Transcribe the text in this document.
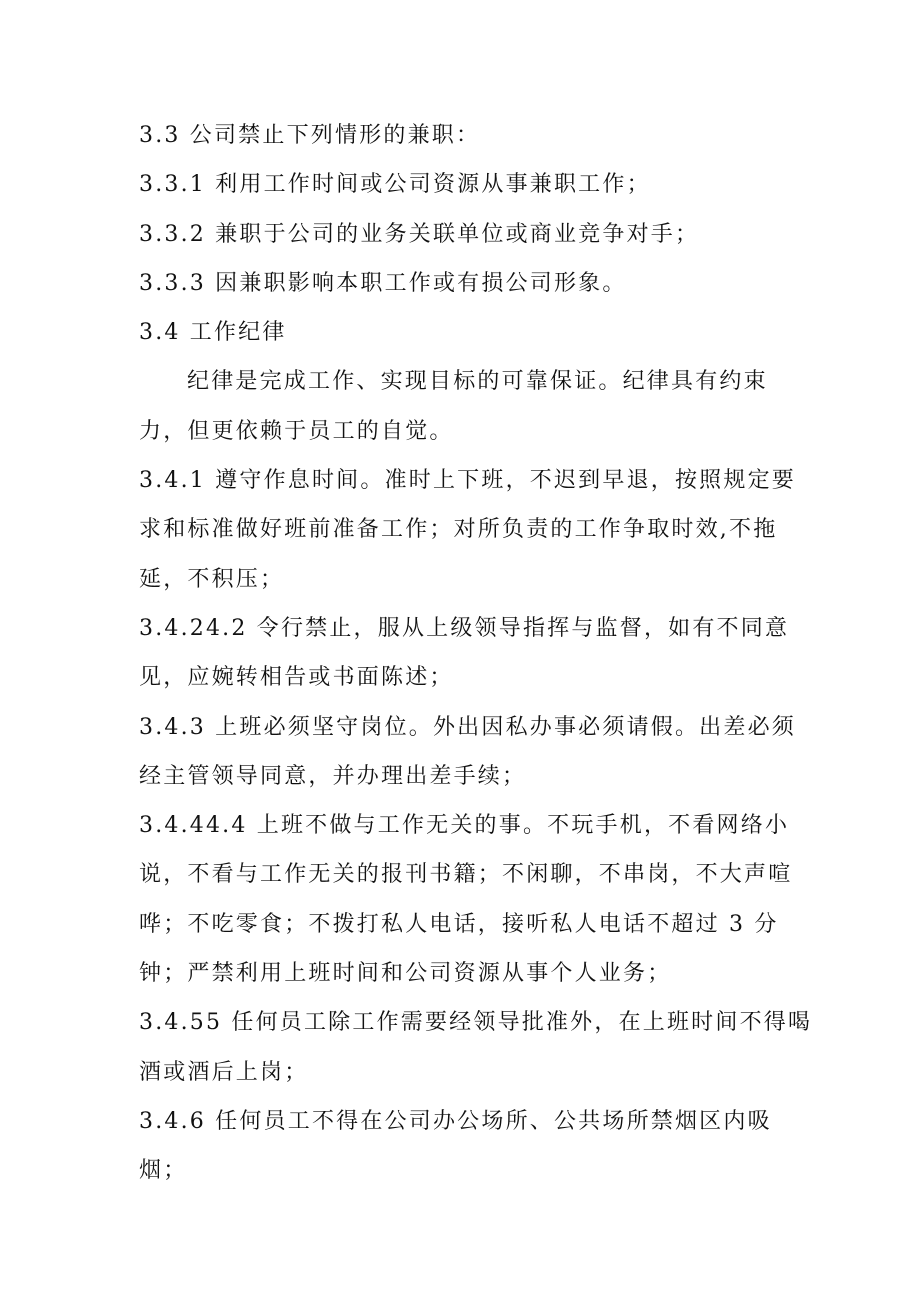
3.3 公司禁止下列情形的兼职：
3.3.1 利用工作时间或公司资源从事兼职工作；
3.3.2 兼职于公司的业务关联单位或商业竞争对手；
3.3.3 因兼职影响本职工作或有损公司形象。
3.4 工作纪律
纪律是完成工作、实现目标的可靠保证。纪律具有约束
力，但更依赖于员工的自觉。
3.4.1 遵守作息时间。准时上下班，不迟到早退，按照规定要
求和标准做好班前准备工作；对所负责的工作争取时效,不拖
延，不积压；
3.4.24.2 令行禁止，服从上级领导指挥与监督，如有不同意
见，应婉转相告或书面陈述；
3.4.3 上班必须坚守岗位。外出因私办事必须请假。出差必须
经主管领导同意，并办理出差手续；
3.4.44.4 上班不做与工作无关的事。不玩手机，不看网络小
说，不看与工作无关的报刊书籍；不闲聊，不串岗，不大声喧
哗；不吃零食；不拨打私人电话，接听私人电话不超过 3 分
钟；严禁利用上班时间和公司资源从事个人业务；
3.4.55 任何员工除工作需要经领导批准外，在上班时间不得喝
酒或酒后上岗；
3.4.6 任何员工不得在公司办公场所、公共场所禁烟区内吸
烟；
